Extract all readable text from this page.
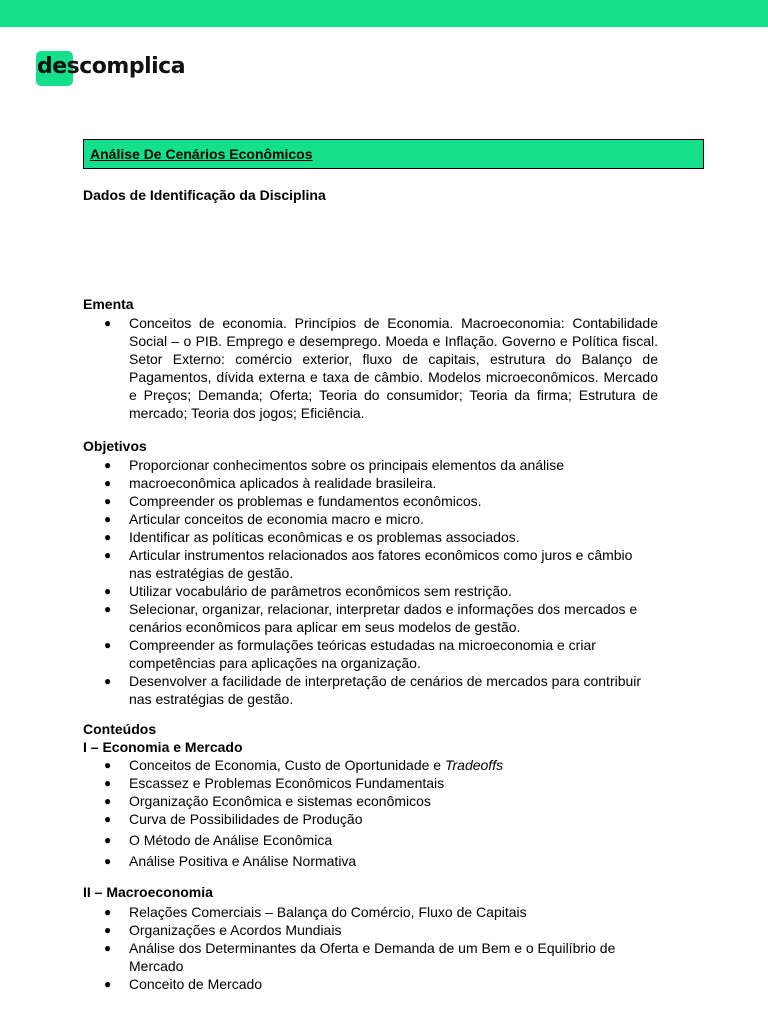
descomplica
Análise De Cenários Econômicos
Dados de Identificação da Disciplina
Ementa
● Conceitos de economia. Princípios de Economia. Macroeconomia: Contabilidade Social – o PIB. Emprego e desemprego. Moeda e Inflação. Governo e Política fiscal. Setor Externo: comércio exterior, fluxo de capitais, estrutura do Balanço de Pagamentos, dívida externa e taxa de câmbio. Modelos microeconômicos. Mercado e Preços; Demanda; Oferta; Teoria do consumidor; Teoria da firma; Estrutura de mercado; Teoria dos jogos; Eficiência.
Objetivos
● Proporcionar conhecimentos sobre os principais elementos da análise
● macroeconômica aplicados à realidade brasileira.
● Compreender os problemas e fundamentos econômicos.
● Articular conceitos de economia macro e micro.
● Identificar as políticas econômicas e os problemas associados.
● Articular instrumentos relacionados aos fatores econômicos como juros e câmbio nas estratégias de gestão.
● Utilizar vocabulário de parâmetros econômicos sem restrição.
● Selecionar, organizar, relacionar, interpretar dados e informações dos mercados e cenários econômicos para aplicar em seus modelos de gestão.
● Compreender as formulações teóricas estudadas na microeconomia e criar competências para aplicações na organização.
● Desenvolver a facilidade de interpretação de cenários de mercados para contribuir nas estratégias de gestão.
Conteúdos
I – Economia e Mercado
● Conceitos de Economia, Custo de Oportunidade e Tradeoffs
● Escassez e Problemas Econômicos Fundamentais
● Organização Econômica e sistemas econômicos
● Curva de Possibilidades de Produção
● O Método de Análise Econômica
● Análise Positiva e Análise Normativa
II – Macroeconomia
● Relações Comerciais – Balança do Comércio, Fluxo de Capitais
● Organizações e Acordos Mundiais
● Análise dos Determinantes da Oferta e Demanda de um Bem e o Equilíbrio de Mercado
● Conceito de Mercado
